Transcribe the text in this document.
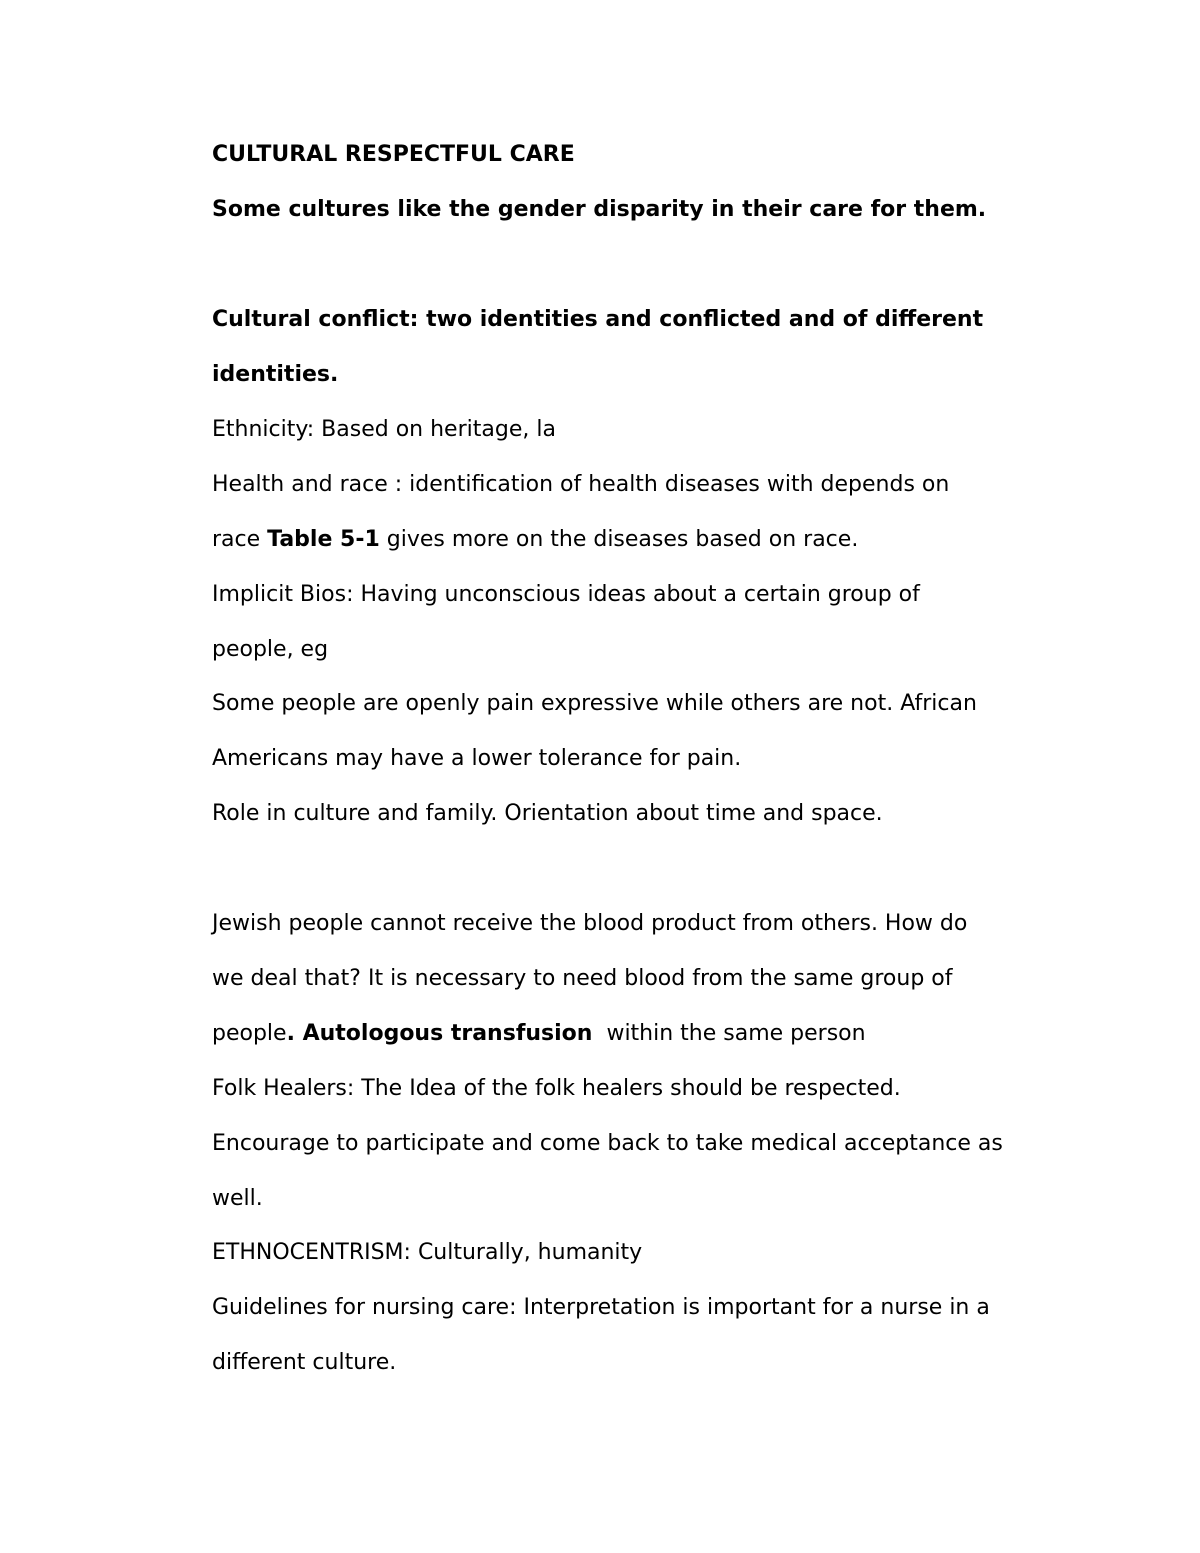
CULTURAL RESPECTFUL CARE
Some cultures like the gender disparity in their care for them.
Cultural conflict: two identities and conflicted and of different
identities.
Ethnicity: Based on heritage, la
Health and race : identification of health diseases with depends on
race Table 5-1 gives more on the diseases based on race.
Implicit Bios: Having unconscious ideas about a certain group of
people, eg
Some people are openly pain expressive while others are not. African
Americans may have a lower tolerance for pain.
Role in culture and family. Orientation about time and space.
Jewish people cannot receive the blood product from others. How do
we deal that? It is necessary to need blood from the same group of
people. Autologous transfusion  within the same person
Folk Healers: The Idea of the folk healers should be respected.
Encourage to participate and come back to take medical acceptance as
well.
ETHNOCENTRISM: Culturally, humanity
Guidelines for nursing care: Interpretation is important for a nurse in a
different culture.
